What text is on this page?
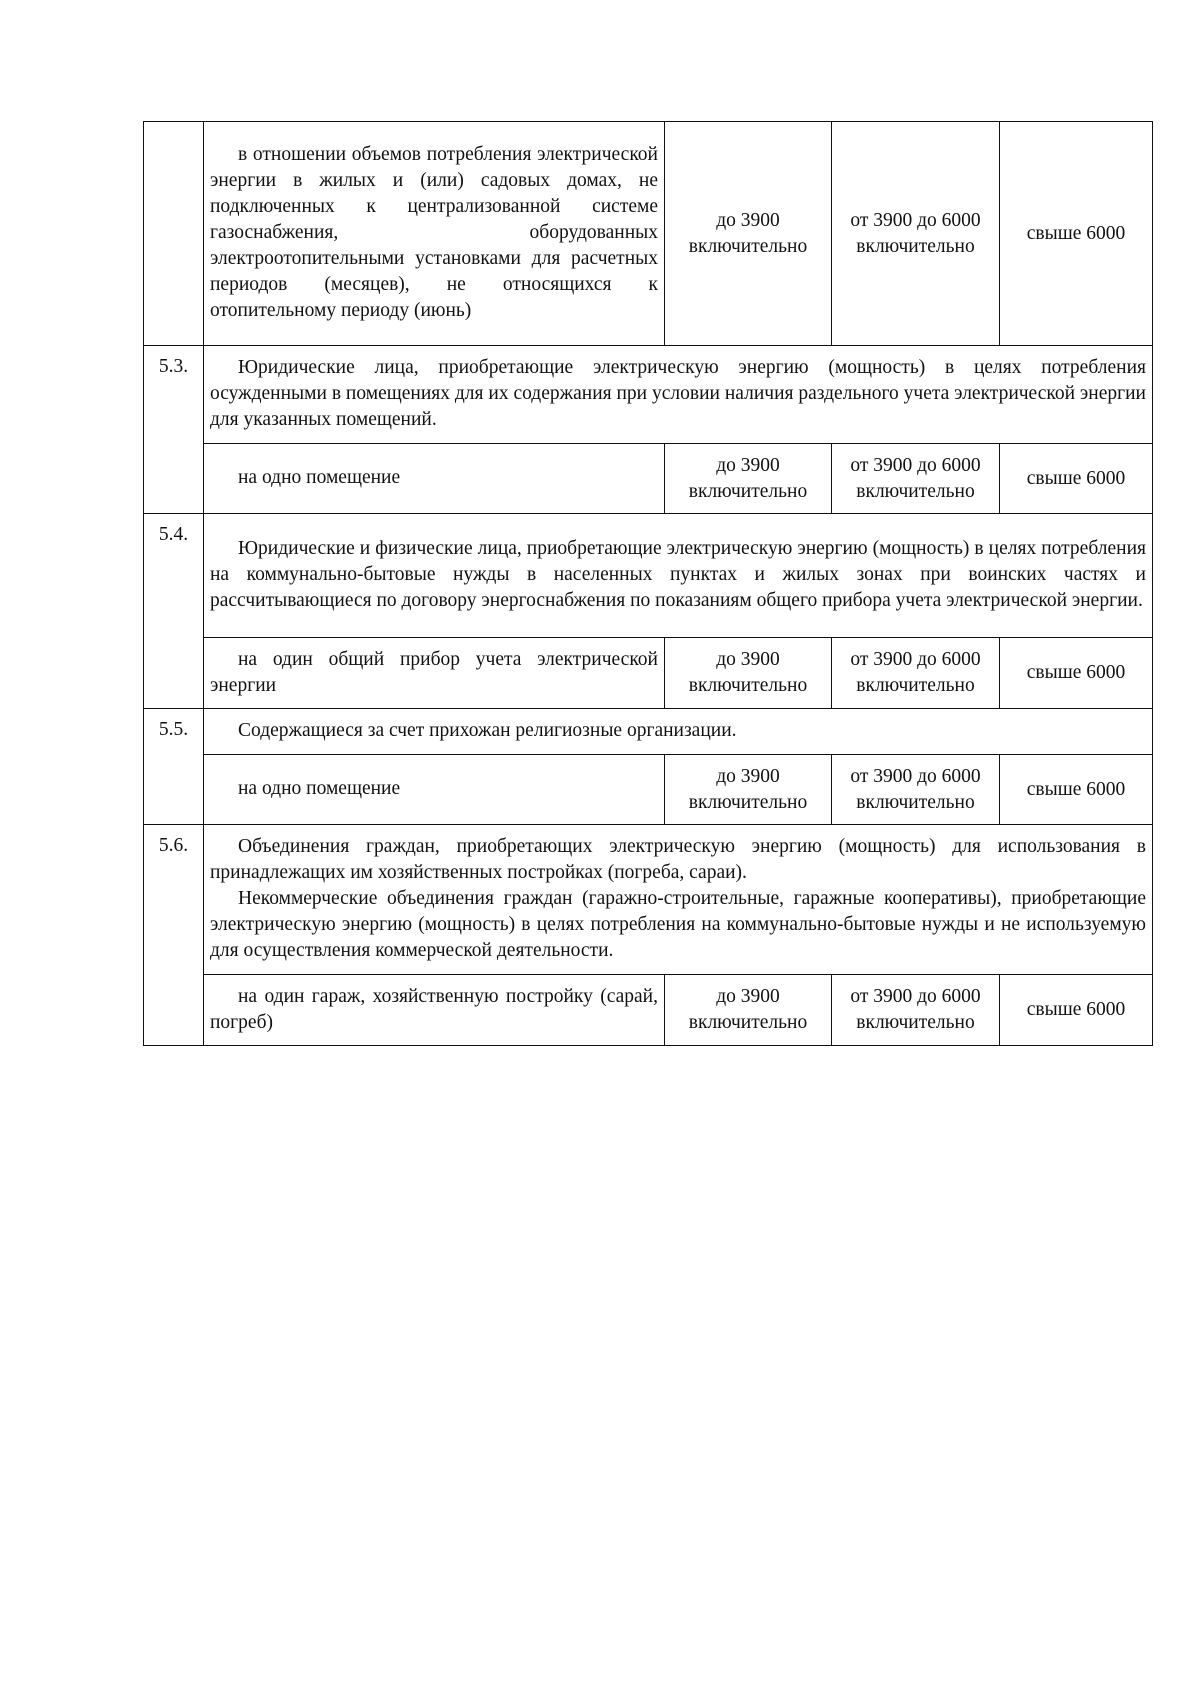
	в отношении объемов потребления электрической энергии в жилых и (или) садовых домах, не подключенных к централизованной системе газоснабжения, оборудованных электроотопительными установками для расчетных периодов (месяцев), не относящихся к отопительному периоду (июнь)	до 3900 включительно	от 3900 до 6000 включительно	свыше 6000
5.3.	Юридические лица, приобретающие электрическую энергию (мощность) в целях потребления осужденными в помещениях для их содержания при условии наличия раздельного учета электрической энергии для указанных помещений.			
	на одно помещение	до 3900 включительно	от 3900 до 6000 включительно	свыше 6000
5.4.	Юридические и физические лица, приобретающие электрическую энергию (мощность) в целях потребления на коммунально-бытовые нужды в населенных пунктах и жилых зонах при воинских частях и рассчитывающиеся по договору энергоснабжения по показаниям общего прибора учета электрической энергии.			
	на один общий прибор учета электрической энергии	до 3900 включительно	от 3900 до 6000 включительно	свыше 6000
5.5.	Содержащиеся за счет прихожан религиозные организации.			
	на одно помещение	до 3900 включительно	от 3900 до 6000 включительно	свыше 6000
5.6.	Объединения граждан, приобретающих электрическую энергию (мощность) для использования в принадлежащих им хозяйственных постройках (погреба, сараи).

Некоммерческие объединения граждан (гаражно-строительные, гаражные кооперативы), приобретающие электрическую энергию (мощность) в целях потребления на коммунально-бытовые нужды и не используемую для осуществления коммерческой деятельности.			

	на один гараж, хозяйственную постройку (сарай, погреб)	до 3900 включительно	от 3900 до 6000 включительно	свыше 6000
